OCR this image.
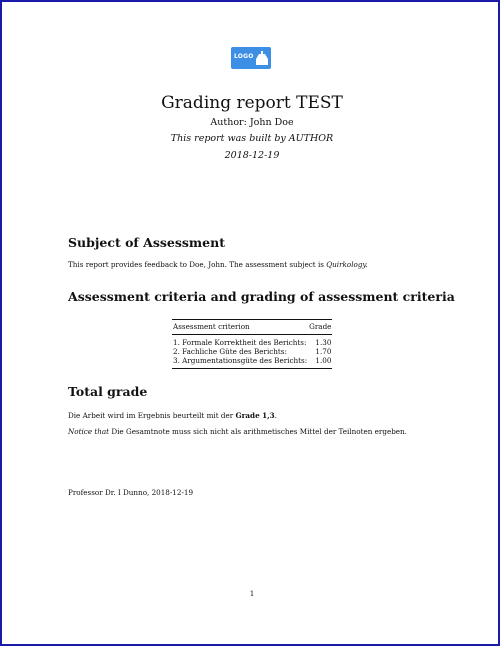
LOGO
Grading report TEST
Author: John Doe
This report was built by AUTHOR
2018-12-19
Subject of Assessment
This report provides feedback to Doe, John. The assessment subject is Quirkology.
Assessment criteria and grading of assessment criteria
Assessment criterion	Grade
1. Formale Korrektheit des Berichts:	1.30
2. Fachliche Güte des Berichts:	1.70
3. Argumentationsgüte des Berichts:	1.00
Total grade
Die Arbeit wird im Ergebnis beurteilt mit der Grade 1,3.
Notice that Die Gesamtnote muss sich nicht als arithmetisches Mittel der Teilnoten ergeben.
Professor Dr. I Dunno, 2018-12-19
1
